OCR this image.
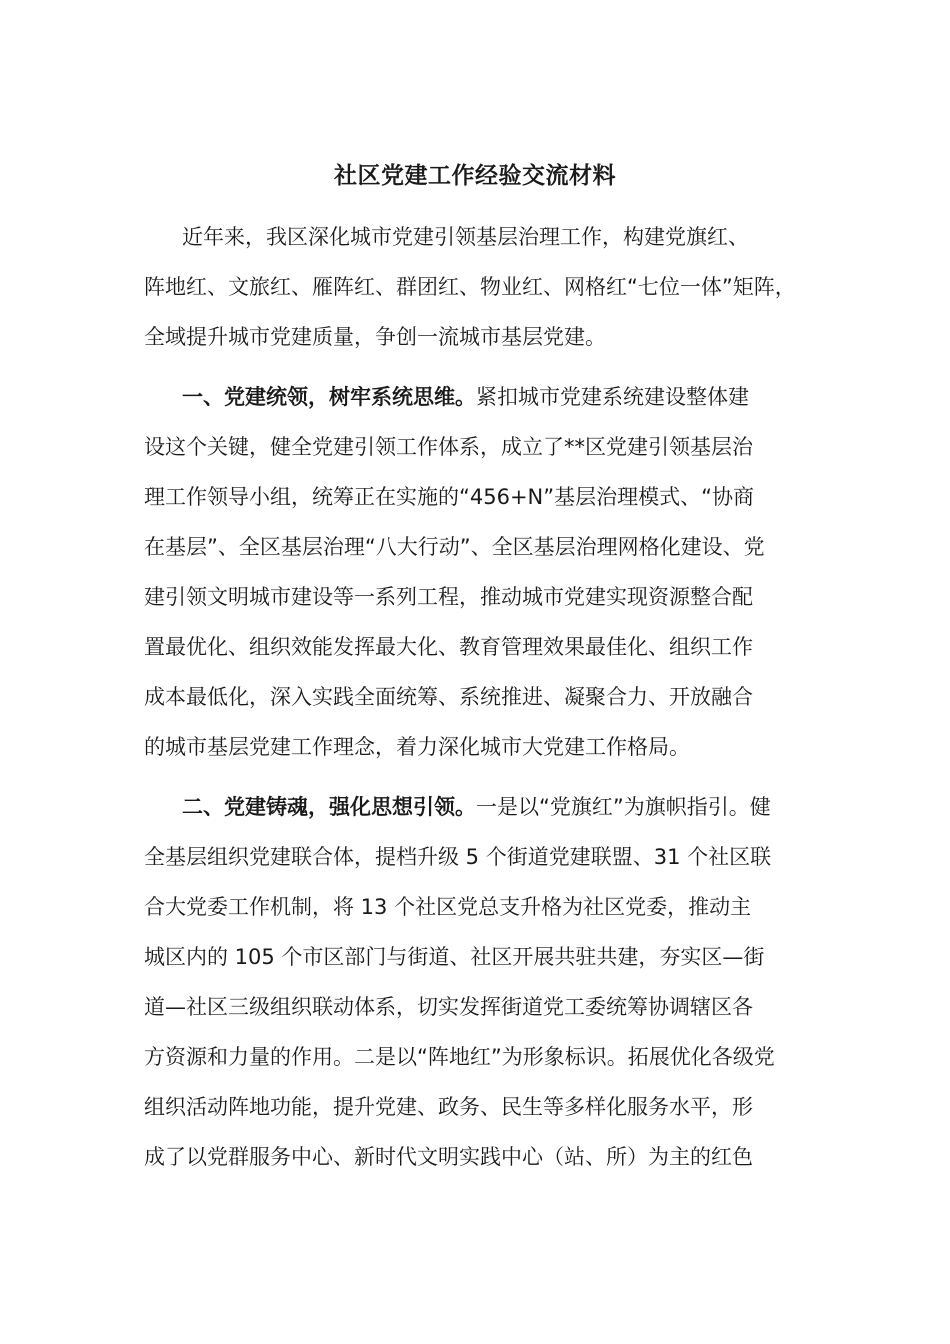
社区党建工作经验交流材料
近年来，我区深化城市党建引领基层治理工作，构建党旗红、
阵地红、文旅红、雁阵红、群团红、物业红、网格红“七位一体”矩阵，
全域提升城市党建质量，争创一流城市基层党建。
一、党建统领，树牢系统思维。紧扣城市党建系统建设整体建
设这个关键，健全党建引领工作体系，成立了**区党建引领基层治
理工作领导小组，统筹正在实施的“456+N”基层治理模式、“协商
在基层”、全区基层治理“八大行动”、全区基层治理网格化建设、党
建引领文明城市建设等一系列工程，推动城市党建实现资源整合配
置最优化、组织效能发挥最大化、教育管理效果最佳化、组织工作
成本最低化，深入实践全面统筹、系统推进、凝聚合力、开放融合
的城市基层党建工作理念，着力深化城市大党建工作格局。
二、党建铸魂，强化思想引领。一是以“党旗红”为旗帜指引。健
全基层组织党建联合体，提档升级 5 个街道党建联盟、31 个社区联
合大党委工作机制，将 13 个社区党总支升格为社区党委，推动主
城区内的 105 个市区部门与街道、社区开展共驻共建，夯实区—街
道—社区三级组织联动体系，切实发挥街道党工委统筹协调辖区各
方资源和力量的作用。二是以“阵地红”为形象标识。拓展优化各级党
组织活动阵地功能，提升党建、政务、民生等多样化服务水平，形
成了以党群服务中心、新时代文明实践中心（站、所）为主的红色
